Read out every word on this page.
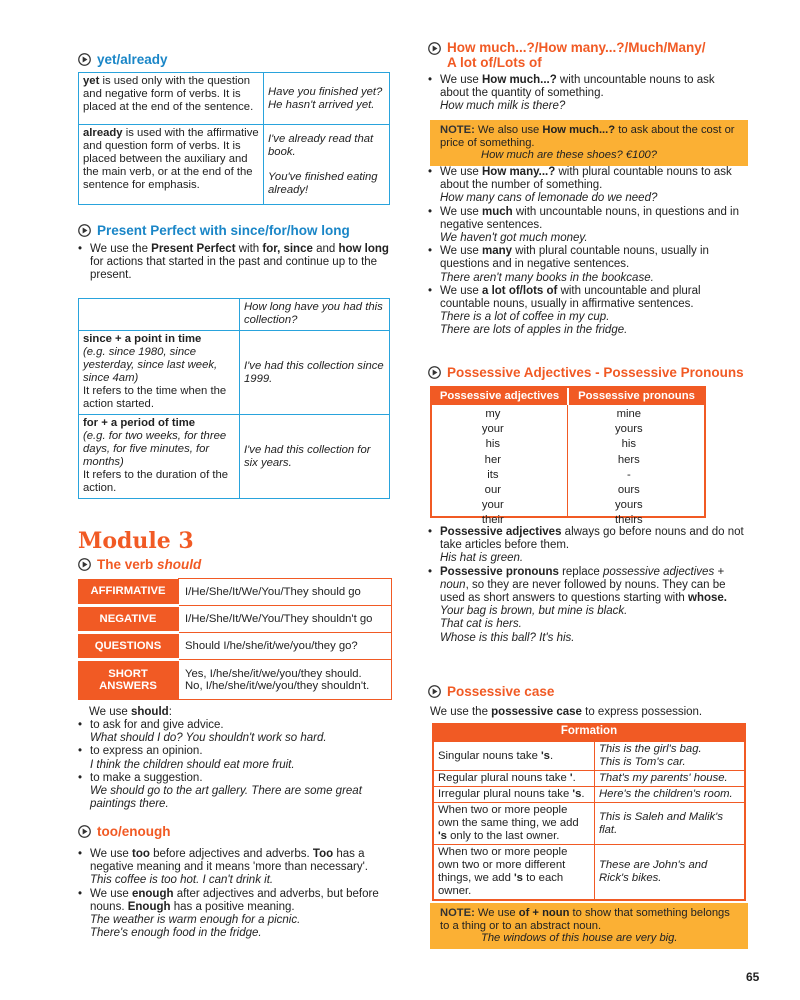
yet/already
yet is used only with the question and negative form of verbs. It is placed at the end of the sentence.	Have you finished yet?
He hasn't arrived yet.

already is used with the affirmative and question form of verbs. It is placed between the auxiliary and the main verb, or at the end of the sentence for emphasis.	I've already read that book.
You've finished eating already!
Present Perfect with since/for/how long
• We use the Present Perfect with for, since and how long for actions that started in the past and continue up to the present.

	How long have you had this collection?

since + a point in time
(e.g. since 1980, since yesterday, since last week, since 4am)
It refers to the time when the action started.	I've had this collection since 1999.

for + a period of time
(e.g. for two weeks, for three days, for five minutes, for months)
It refers to the duration of the action.	I've had this collection for six years.
Module 3
The verb should
AFFIRMATIVE	I/He/She/It/We/You/They should go
NEGATIVE	I/He/She/It/We/You/They shouldn't go
QUESTIONS	Should I/he/she/it/we/you/they go?
SHORT ANSWERS	Yes, I/he/she/it/we/you/they should.
No, I/he/she/it/we/you/they shouldn't.
We use should:
• to ask for and give advice.
What should I do? You shouldn't work so hard.
• to express an opinion.
I think the children should eat more fruit.
• to make a suggestion.
We should go to the art gallery. There are some great paintings there.
too/enough
• We use too before adjectives and adverbs. Too has a negative meaning and it means 'more than necessary'.
This coffee is too hot. I can't drink it.
• We use enough after adjectives and adverbs, but before nouns. Enough has a positive meaning.
The weather is warm enough for a picnic.
There's enough food in the fridge.
How much...?/How many...?/Much/Many/
A lot of/Lots of
• We use How much...? with uncountable nouns to ask about the quantity of something.
How much milk is there?
NOTE: We also use How much...? to ask about the cost or price of something.
How much are these shoes? €100?
• We use How many...? with plural countable nouns to ask about the number of something.
How many cans of lemonade do we need?
• We use much with uncountable nouns, in questions and in negative sentences.
We haven't got much money.
• We use many with plural countable nouns, usually in questions and in negative sentences.
There aren't many books in the bookcase.
• We use a lot of/lots of with uncountable and plural countable nouns, usually in affirmative sentences.
There is a lot of coffee in my cup.
There are lots of apples in the fridge.
Possessive Adjectives - Possessive Pronouns
Possessive adjectives	Possessive pronouns
my	mine
your	yours
his	his
her	hers
its	-
our	ours
your	yours
their	theirs
• Possessive adjectives always go before nouns and do not take articles before them.
His hat is green.
• Possessive pronouns replace possessive adjectives + noun, so they are never followed by nouns. They can be used as short answers to questions starting with whose.
Your bag is brown, but mine is black.
That cat is hers.
Whose is this ball? It's his.
Possessive case
We use the possessive case to express possession.
Formation
Singular nouns take 's.	This is the girl's bag.
This is Tom's car.

Regular plural nouns take '.	That's my parents' house.

Irregular plural nouns take 's.	Here's the children's room.

When two or more people own the same thing, we add 's only to the last owner.	This is Saleh and Malik's flat.

When two or more people own two or more different things, we add 's to each owner.	These are John's and Rick's bikes.
NOTE: We use of + noun to show that something belongs to a thing or to an abstract noun.
The windows of this house are very big.
65
